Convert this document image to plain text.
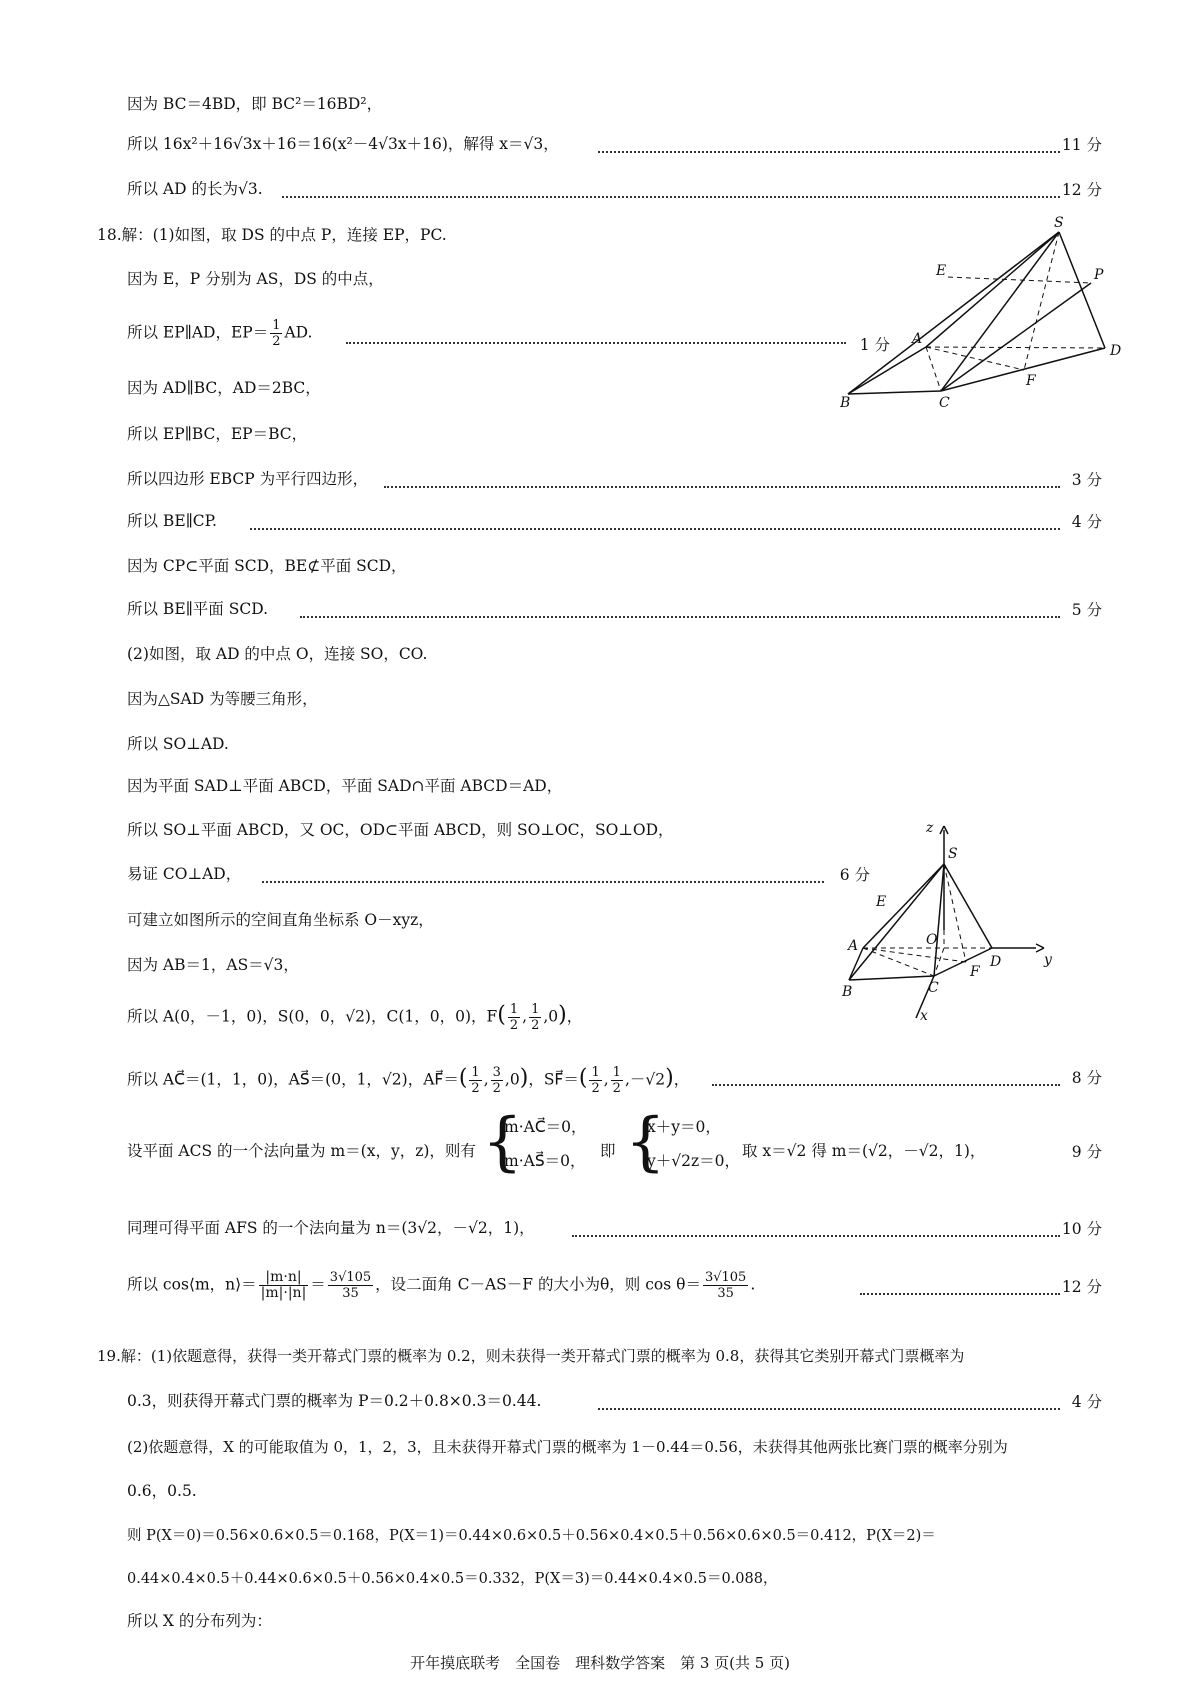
因为 BC＝4BD，即 BC²＝16BD²，
所以 16x²＋16√3x＋16＝16(x²－4√3x＋16)，解得 x＝√3，	11 分
所以 AD 的长为√3.	12 分
18.解：(1)如图，取 DS 的中点 P，连接 EP，PC.
因为 E，P 分别为 AS，DS 的中点，
所以 EP∥AD，$EP= \frac{1}{2}$ AD.
1 分
因为 AD∥BC，AD＝2BC，
所以 EP∥BC，EP＝BC，
所以四边形 EBCP 为平行四边形，	3 分
所以 BE∥CP.	4 分
因为 CP⊂平面 SCD，BE⊄平面 SCD，
所以 BE∥平面 SCD.	5 分
(2)如图，取 AD 的中点 O，连接 SO，CO.
因为△SAD 为等腰三角形，
所以 SO⊥AD.
因为平面 SAD⊥平面 ABCD，平面 SAD∩平面 ABCD＝AD，
所以 SO⊥平面 ABCD，又 OC，OD⊂平面 ABCD，则 SO⊥OC，SO⊥OD，
易证 CO⊥AD，	6 分
可建立如图所示的空间直角坐标系 O－xyz，
因为 AB＝1，AS＝√3，
所以 A(0，－1，0)，S(0，0，√2)，C(1，0，0)，$F( \frac{1}{2}$ , $\frac{1}{2} ,0$)，
所以 AC⃗＝(1，1，0)，AS⃗＝(0，1，√2)，AF⃗＝( $\frac{1}{2}$ , $\frac{3}{2} ,0$)，SF⃗＝( $\frac{1}{2}$ , $\frac{1}{2} ,-√2$)，	8 分
设平面 ACS 的一个法向量为 m＝(x，y，z)，则有 {
m·AC⃗＝0，
m·AS⃗＝0，
即 {
x＋y＝0，
y＋√2z＝0，
取 x＝√2 得 m＝(√2，－√2，1)，	9 分
同理可得平面 AFS 的一个法向量为 n＝(3√2，－√2，1)，	10 分
所以 cos⟨m，n⟩＝ $\frac{|m\cdot n|}{|m|\cdot|n|} = \frac{3√105}{35}$ ，设二面角 C－AS－F 的大小为θ，则 $\cos \theta= \frac{3√105}{35}$ .	12 分
19.解：(1)依题意得，获得一类开幕式门票的概率为 0.2，则未获得一类开幕式门票的概率为 0.8，获得其它类别开幕式门票概率为
0.3，则获得开幕式门票的概率为 P＝0.2＋0.8×0.3＝0.44.	4 分
(2)依题意得，X 的可能取值为 0，1，2，3，且未获得开幕式门票的概率为 1－0.44＝0.56，未获得其他两张比赛门票的概率分别为
0.6，0.5.
则 P(X＝0)＝0.56×0.6×0.5＝0.168，P(X＝1)＝0.44×0.6×0.5＋0.56×0.4×0.5＋0.56×0.6×0.5＝0.412，P(X＝2)＝
0.44×0.4×0.5＋0.44×0.6×0.5＋0.56×0.4×0.5＝0.332，P(X＝3)＝0.44×0.4×0.5＝0.088，
所以 X 的分布列为：
开年摸底联考　全国卷　理科数学答案　第 3 页(共 5 页)
S
E	P
A
D
F
B	C
z
S
E
O
A
D	y
F
B	C
x
